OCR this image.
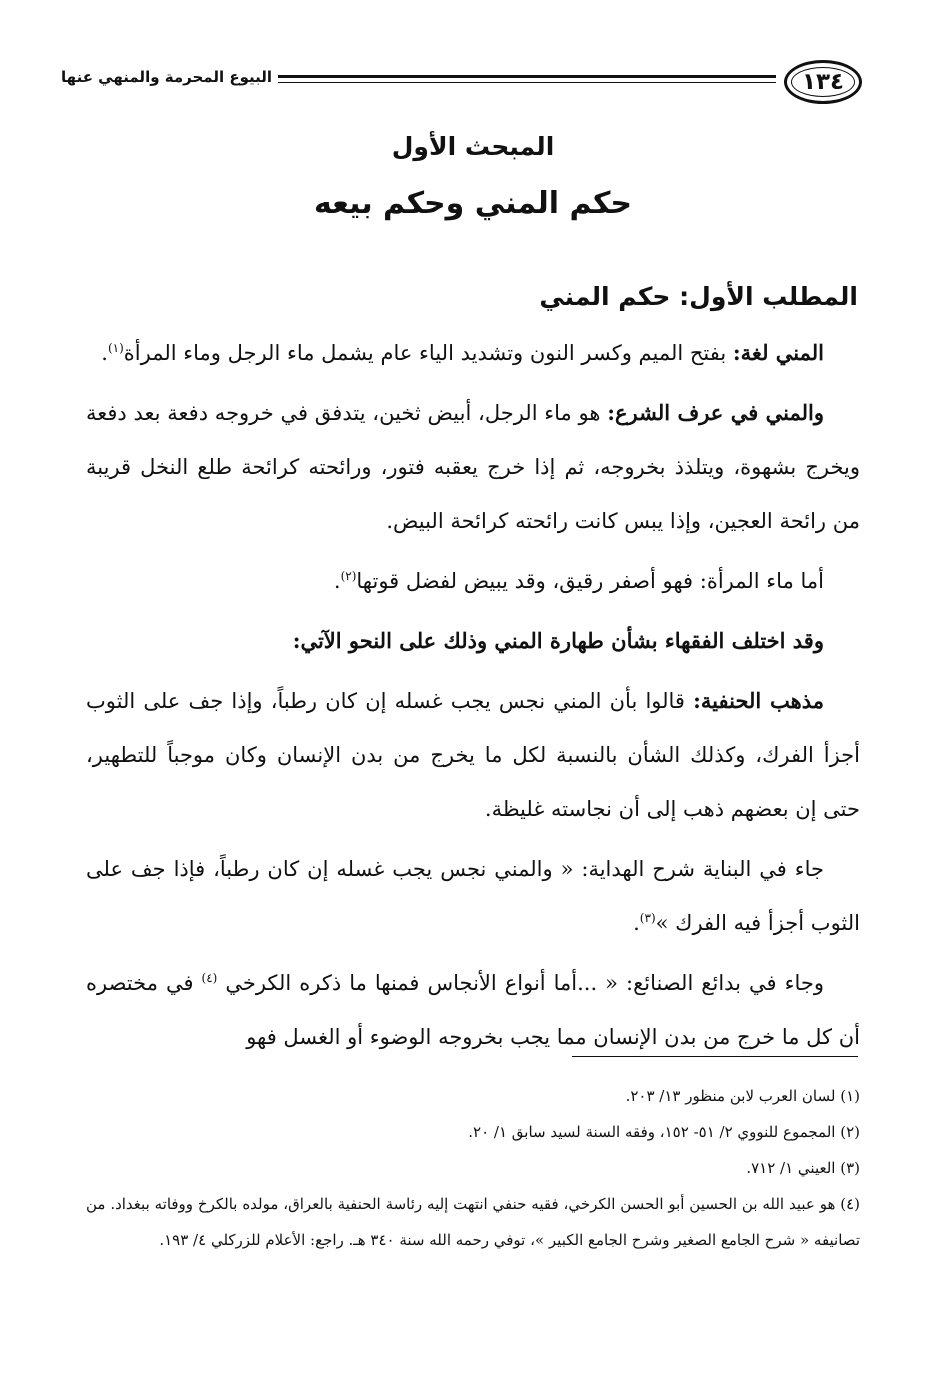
١٣٤
البيوع المحرمة والمنهي عنها
المبحث الأول
حكم المني وحكم بيعه
المطلب الأول: حكم المني

المني لغة: بفتح الميم وكسر النون وتشديد الياء عام يشمل ماء الرجل وماء المرأة$^{(١)}$.

والمني في عرف الشرع: هو ماء الرجل، أبيض ثخين، يتدفق في خروجه دفعة بعد دفعة ويخرج بشهوة، ويتلذذ بخروجه، ثم إذا خرج يعقبه فتور، ورائحته كرائحة طلع النخل قريبة من رائحة العجين، وإذا يبس كانت رائحته كرائحة البيض.

أما ماء المرأة: فهو أصفر رقيق، وقد يبيض لفضل قوتها$^{(٢)}$.

وقد اختلف الفقهاء بشأن طهارة المني وذلك على النحو الآتي:

مذهب الحنفية: قالوا بأن المني نجس يجب غسله إن كان رطباً، وإذا جف على الثوب أجزأ الفرك، وكذلك الشأن بالنسبة لكل ما يخرج من بدن الإنسان وكان موجباً للتطهير، حتى إن بعضهم ذهب إلى أن نجاسته غليظة.

جاء في البناية شرح الهداية: « والمني نجس يجب غسله إن كان رطباً، فإذا جف على الثوب أجزأ فيه الفرك »$^{(٣)}$.

وجاء في بدائع الصنائع: « ...أما أنواع الأنجاس فمنها ما ذكره الكرخي $^{(٤)}$ في مختصره أن كل ما خرج من بدن الإنسان مما يجب بخروجه الوضوء أو الغسل فهو

(١) لسان العرب لابن منظور ١٣/ ٢٠٣.

(٢) المجموع للنووي ٢/ ٥١- ١٥٢، وفقه السنة لسيد سابق ١/ ٢٠.

(٣) العيني ١/ ٧١٢.

(٤) هو عبيد الله بن الحسين أبو الحسن الكرخي، فقيه حنفي انتهت إليه رئاسة الحنفية بالعراق، مولده بالكرخ ووفاته ببغداد. من تصانيفه « شرح الجامع الصغير وشرح الجامع الكبير »، توفي رحمه الله سنة ٣٤٠ هـ. راجع: الأعلام للزركلي ٤/ ١٩٣.
